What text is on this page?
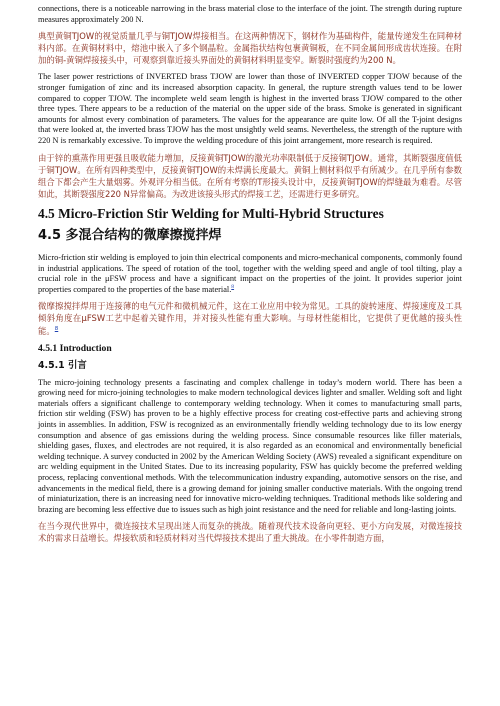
connections, there is a noticeable narrowing in the brass material close to the interface of the joint. The strength during rupture measures approximately 200 N.

典型黄铜TJOW的视觉质量几乎与铜TJOW焊接相当。在这两种情况下，钢材作为基础构件，能量传递发生在同种材料内部。在黄铜材料中，熔池中嵌入了多个钢晶粒。金属指状结构包裹黄铜板，在不同金属间形成齿状连接。在附加的铜-黄铜焊接接头中，可观察到靠近接头界面处的黄铜材料明显变窄。断裂时强度约为200 N。

The laser power restrictions of INVERTED brass TJOW are lower than those of INVERTED copper TJOW because of the stronger fumigation of zinc and its increased absorption capacity. In general, the rupture strength values tend to be lower compared to copper TJOW. The incomplete weld seam length is highest in the inverted brass TJOW compared to the other three types. There appears to be a reduction of the material on the upper side of the brass. Smoke is generated in significant amounts for almost every combination of parameters. The values for the appearance are quite low. Of all the T-joint designs that were looked at, the inverted brass TJOW has the most unsightly weld seams. Nevertheless, the strength of the rupture with 220 N is remarkably excessive. To improve the welding procedure of this joint arrangement, more research is required.

由于锌的熏蒸作用更强且吸收能力增加，反接黄铜TJOW的激光功率限制低于反接铜TJOW。通常，其断裂强度值低于铜TJOW。在所有四种类型中，反接黄铜TJOW的未焊满长度最大。黄铜上侧材料似乎有所减少。在几乎所有参数组合下都会产生大量烟雾。外观评分相当低。在所有考察的T形接头设计中，反接黄铜TJOW的焊缝最为难看。尽管如此，其断裂强度220 N异常偏高。为改进该接头形式的焊接工艺，还需进行更多研究。

4.5 Micro-Friction Stir Welding for Multi-Hybrid Structures
4.5 多混合结构的微摩擦搅拌焊

Micro-friction stir welding is employed to join thin electrical components and micro-mechanical components, commonly found in industrial applications. The speed of rotation of the tool, together with the welding speed and angle of tool tilting, play a crucial role in the μFSW process and have a significant impact on the properties of the joint. It provides superior joint properties compared to the properties of the base material.$^8$

微摩擦搅拌焊用于连接薄的电气元件和微机械元件，这在工业应用中较为常见。工具的旋转速度、焊接速度及工具倾斜角度在μFSW工艺中起着关键作用，并对接头性能有重大影响。与母材性能相比，它提供了更优越的接头性能。$^8$

4.5.1 Introduction
4.5.1 引言

The micro-joining technology presents a fascinating and complex challenge in today’s modern world. There has been a growing need for micro-joining technologies to make modern technological devices lighter and smaller. Welding soft and light materials offers a significant challenge to contemporary welding technology. When it comes to manufacturing small parts, friction stir welding (FSW) has proven to be a highly effective process for creating cost-effective parts and achieving strong joints in assemblies. In addition, FSW is recognized as an environmentally friendly welding technology due to its low energy consumption and absence of gas emissions during the welding process. Since consumable resources like filler materials, shielding gases, fluxes, and electrodes are not required, it is also regarded as an economical and environmentally beneficial welding technique. A survey conducted in 2002 by the American Welding Society (AWS) revealed a significant expenditure on arc welding equipment in the United States. Due to its increasing popularity, FSW has quickly become the preferred welding process, replacing conventional methods. With the telecommunication industry expanding, automotive sensors on the rise, and advancements in the medical field, there is a growing demand for joining smaller conductive materials. With the ongoing trend of miniaturization, there is an increasing need for innovative micro-welding techniques. Traditional methods like soldering and brazing are becoming less effective due to issues such as high joint resistance and the need for reliable and long-lasting joints.

在当今现代世界中，微连接技术呈现出迷人而复杂的挑战。随着现代技术设备向更轻、更小方向发展，对微连接技术的需求日益增长。焊接软质和轻质材料对当代焊接技术提出了重大挑战。在小零件制造方面，
